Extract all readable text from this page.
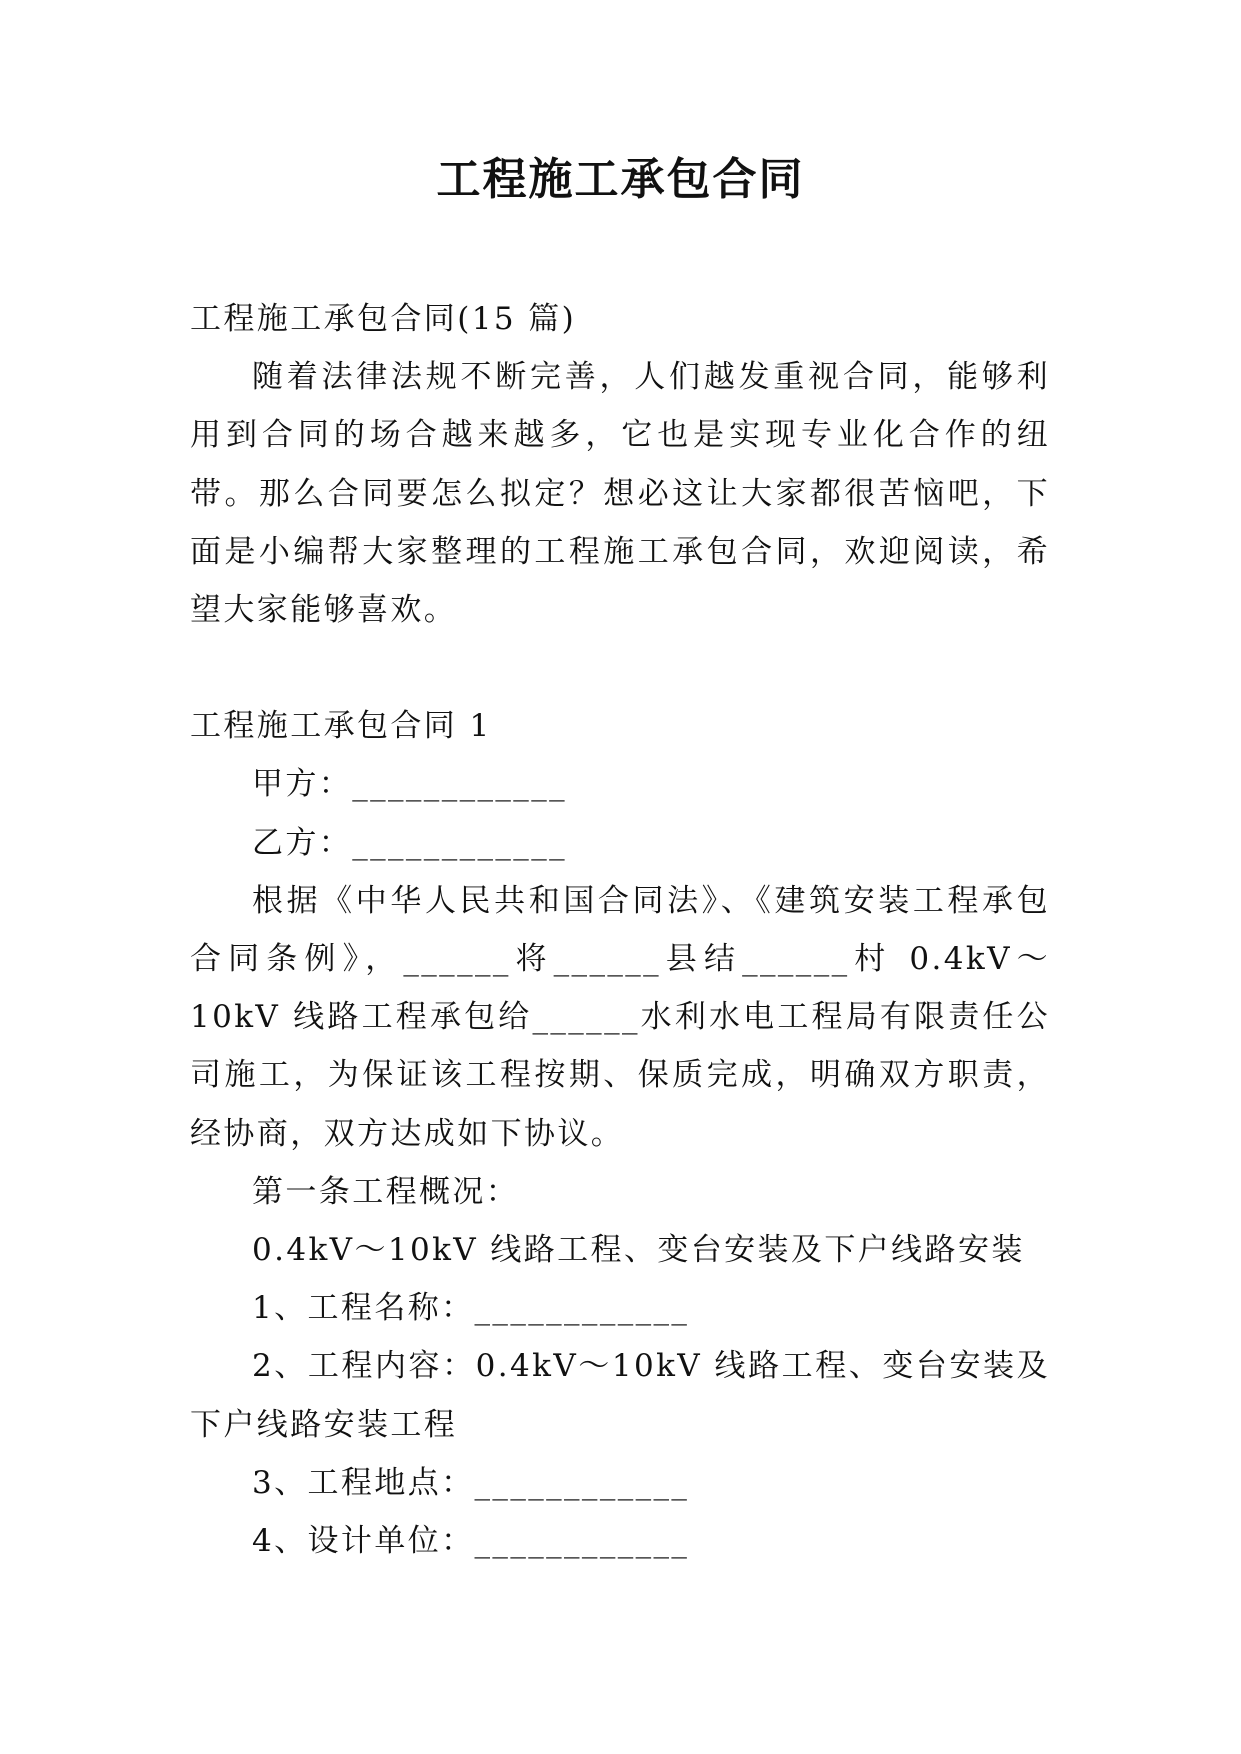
工程施工承包合同

工程施工承包合同(15 篇)

随着法律法规不断完善，人们越发重视合同，能够利用到合同的场合越来越多，它也是实现专业化合作的纽带。那么合同要怎么拟定？想必这让大家都很苦恼吧，下面是小编帮大家整理的工程施工承包合同，欢迎阅读，希望大家能够喜欢。

工程施工承包合同 1

甲方：____________

乙方：____________

根据《中华人民共和国合同法》、《建筑安装工程承包合同条例》，______将______县结______村 0.4kV～10kV 线路工程承包给______水利水电工程局有限责任公司施工，为保证该工程按期、保质完成，明确双方职责，经协商，双方达成如下协议。

第一条工程概况：

0.4kV～10kV 线路工程、变台安装及下户线路安装

1、工程名称：____________

2、工程内容：0.4kV～10kV 线路工程、变台安装及下户线路安装工程

3、工程地点：____________

4、设计单位：____________
